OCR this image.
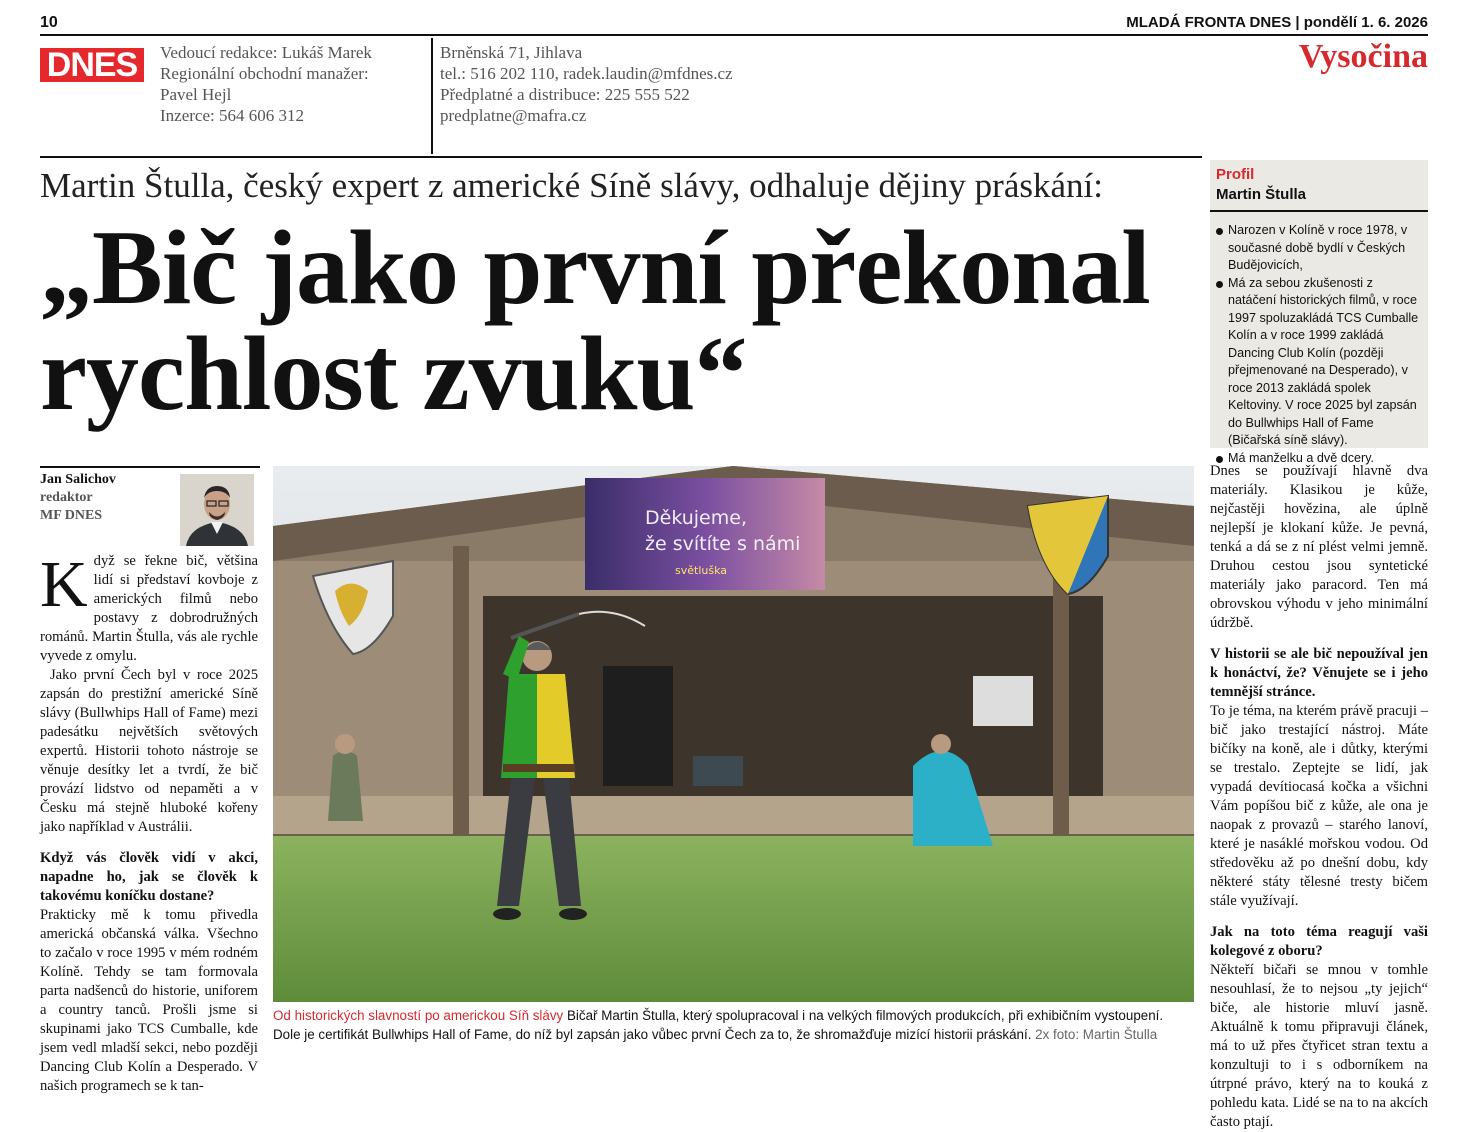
10	MLADÁ FRONTA DNES | pondělí 1. 6. 2026
DNES	Vedoucí redakce: Lukáš Marek

Regionální obchodní manažer:

Pavel Hejl

Inzerce: 564 606 312

Brněnská 71, Jihlava

tel.: 516 202 110, radek.laudin@mfdnes.cz

Předplatné a distribuce: 225 555 522

predplatne@mafra.cz

Vysočina
Martin Štulla, český expert z americké Síně slávy, odhaluje dějiny práskání:
„Bič jako první překonal
rychlost zvuku“
Jan Salichov
redaktor
MF DNES

Když se řekne bič, většina lidí si představí kovboje z amerických filmů nebo postavy z dobrodružných románů. Martin Štulla, vás ale rychle vyvede z omylu.

Jako první Čech byl v roce 2025 zapsán do prestižní americké Síně slávy (Bullwhips Hall of Fame) mezi padesátku největších světových expertů. Historii tohoto nástroje se věnuje desítky let a tvrdí, že bič provází lidstvo od nepaměti a v Česku má stejně hluboké kořeny jako například v Austrálii.

Když vás člověk vidí v akci, napadne ho, jak se člověk k takovému koníčku dostane?

Prakticky mě k tomu přivedla americká občanská válka. Všechno to začalo v roce 1995 v mém rodném Kolíně. Tehdy se tam formovala parta nadšenců do historie, uniforem a country tanců. Prošli jsme si skupinami jako TCS Cumballe, kde jsem vedl mladší sekci, nebo později Dancing Club Kolín a Desperado. V našich programech se k tan-

Děkujeme,
že svítíte s námi
světluška
Od historických slavností po americkou Síň slávy Bičař Martin Štulla, který spolupracoval i na velkých filmových produkcích, při exhibičním vystoupení. Dole je certifikát Bullwhips Hall of Fame, do níž byl zapsán jako vůbec první Čech za to, že shromažďuje mizící historii práskání. 2x foto: Martin Štulla
Profil
Martin Štulla
Narozen v Kolíně v roce 1978, v současné době bydlí v Českých Budějovicích,
Má za sebou zkušenosti z natáčení historických filmů, v roce 1997 spoluzakládá TCS Cumballe Kolín a v roce 1999 zakládá Dancing Club Kolín (později přejmenované na Desperado), v roce 2013 zakládá spolek Keltoviny. V roce 2025 byl zapsán do Bullwhips Hall of Fame (Bičařská síně slávy).
Má manželku a dvě dcery.

Dnes se používají hlavně dva materiály. Klasikou je kůže, nejčastěji hovězina, ale úplně nejlepší je klokaní kůže. Je pevná, tenká a dá se z ní plést velmi jemně. Druhou cestou jsou syntetické materiály jako paracord. Ten má obrovskou výhodu v jeho minimální údržbě.

V historii se ale bič nepoužíval jen k honáctví, že? Věnujete se i jeho temnější stránce.

To je téma, na kterém právě pracuji – bič jako trestající nástroj. Máte bičíky na koně, ale i důtky, kterými se trestalo. Zeptejte se lidí, jak vypadá devítiocasá kočka a všichni Vám popíšou bič z kůže, ale ona je naopak z provazů – starého lanoví, které je nasáklé mořskou vodou. Od středověku až po dnešní dobu, kdy některé státy tělesné tresty bičem stále využívají.

Jak na toto téma reagují vaši kolegové z oboru?

Někteří bičaři se mnou v tomhle nesouhlasí, že to nejsou „ty jejich“ biče, ale historie mluví jasně. Aktuálně k tomu připravuji článek, má to už přes čtyřicet stran textu a konzultuji to i s odborníkem na útrpné právo, který na to kouká z pohledu kata. Lidé se na to na akcích často ptají.
